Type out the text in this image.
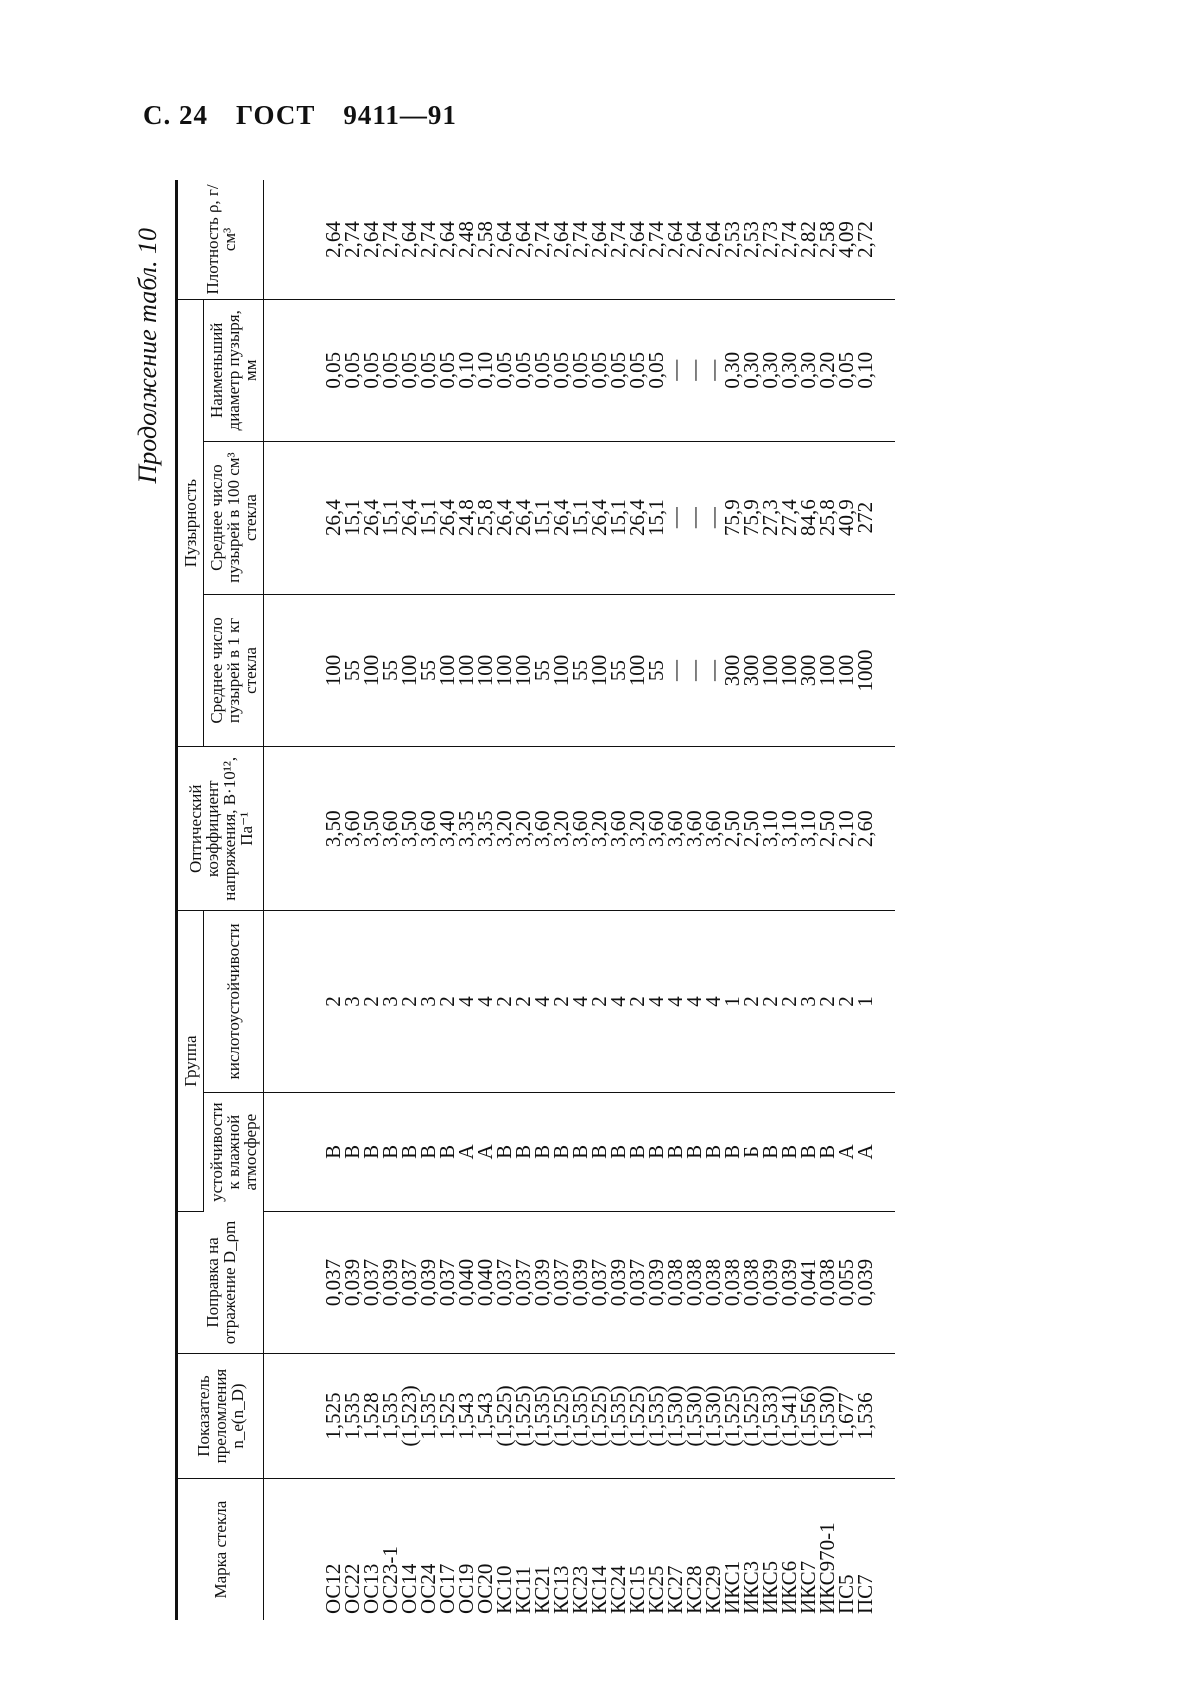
С. 24 ГОСТ 9411—91
Продолжение табл. 10
Марка стекла	Показатель преломления n_e(n_D)	Поправка на отражение D_ρm	Группа		Оптический коэффициент напряжения, B·10¹², Па⁻¹	Пузырность			Плотность ρ, г/см³
			устойчивости к влажной атмосфере	кислотоустойчивости		Среднее число пузырей в 1 кг стекла	Среднее число пузырей в 100 см³ стекла	Наименьший диаметр пузыря, мм	
ОС12	1,525	0,037	В	2	3,50	100	26,4	0,05	2,64
ОС22	1,535	0,039	В	3	3,60	55	15,1	0,05	2,74
ОС13	1,528	0,037	В	2	3,50	100	26,4	0,05	2,64
ОС23-1	1,535	0,039	В	3	3,60	55	15,1	0,05	2,74
ОС14	(1,523)	0,037	В	2	3,50	100	26,4	0,05	2,64
ОС24	1,535	0,039	В	3	3,60	55	15,1	0,05	2,74
ОС17	1,525	0,037	В	2	3,40	100	26,4	0,05	2,64
ОС19	1,543	0,040	А	4	3,35	100	24,8	0,10	2,48
ОС20	1,543	0,040	А	4	3,35	100	25,8	0,10	2,58
КС10	(1,525)	0,037	В	2	3,20	100	26,4	0,05	2,64
КС11	(1,525)	0,037	В	2	3,20	100	26,4	0,05	2,64
КС21	(1,535)	0,039	В	4	3,60	55	15,1	0,05	2,74
КС13	(1,525)	0,037	В	2	3,20	100	26,4	0,05	2,64
КС23	(1,535)	0,039	В	4	3,60	55	15,1	0,05	2,74
КС14	(1,525)	0,037	В	2	3,20	100	26,4	0,05	2,64
КС24	(1,535)	0,039	В	4	3,60	55	15,1	0,05	2,74
КС15	(1,525)	0,037	В	2	3,20	100	26,4	0,05	2,64
КС25	(1,535)	0,039	В	4	3,60	55	15,1	0,05	2,74
КС27	(1,530)	0,038	В	4	3,60	—	—	—	2,64
КС28	(1,530)	0,038	В	4	3,60	—	—	—	2,64
КС29	(1,530)	0,038	В	4	3,60	—	—	—	2,64
ИКС1	(1,525)	0,038	В	1	2,50	300	75,9	0,30	2,53
ИКС3	(1,525)	0,038	Б	2	2,50	300	75,9	0,30	2,53
ИКС5	(1,533)	0,039	В	2	3,10	100	27,3	0,30	2,73
ИКС6	(1,541)	0,039	В	2	3,10	100	27,4	0,30	2,74
ИКС7	(1,556)	0,041	В	3	3,10	300	84,6	0,30	2,82
ИКС970-1	(1,530)	0,038	В	2	2,50	100	25,8	0,20	2,58
ПС5	1,677	0,055	А	2	2,10	100	40,9	0,05	4,09
ПС7	1,536	0,039	А	1	2,60	1000	272	0,10	2,72
